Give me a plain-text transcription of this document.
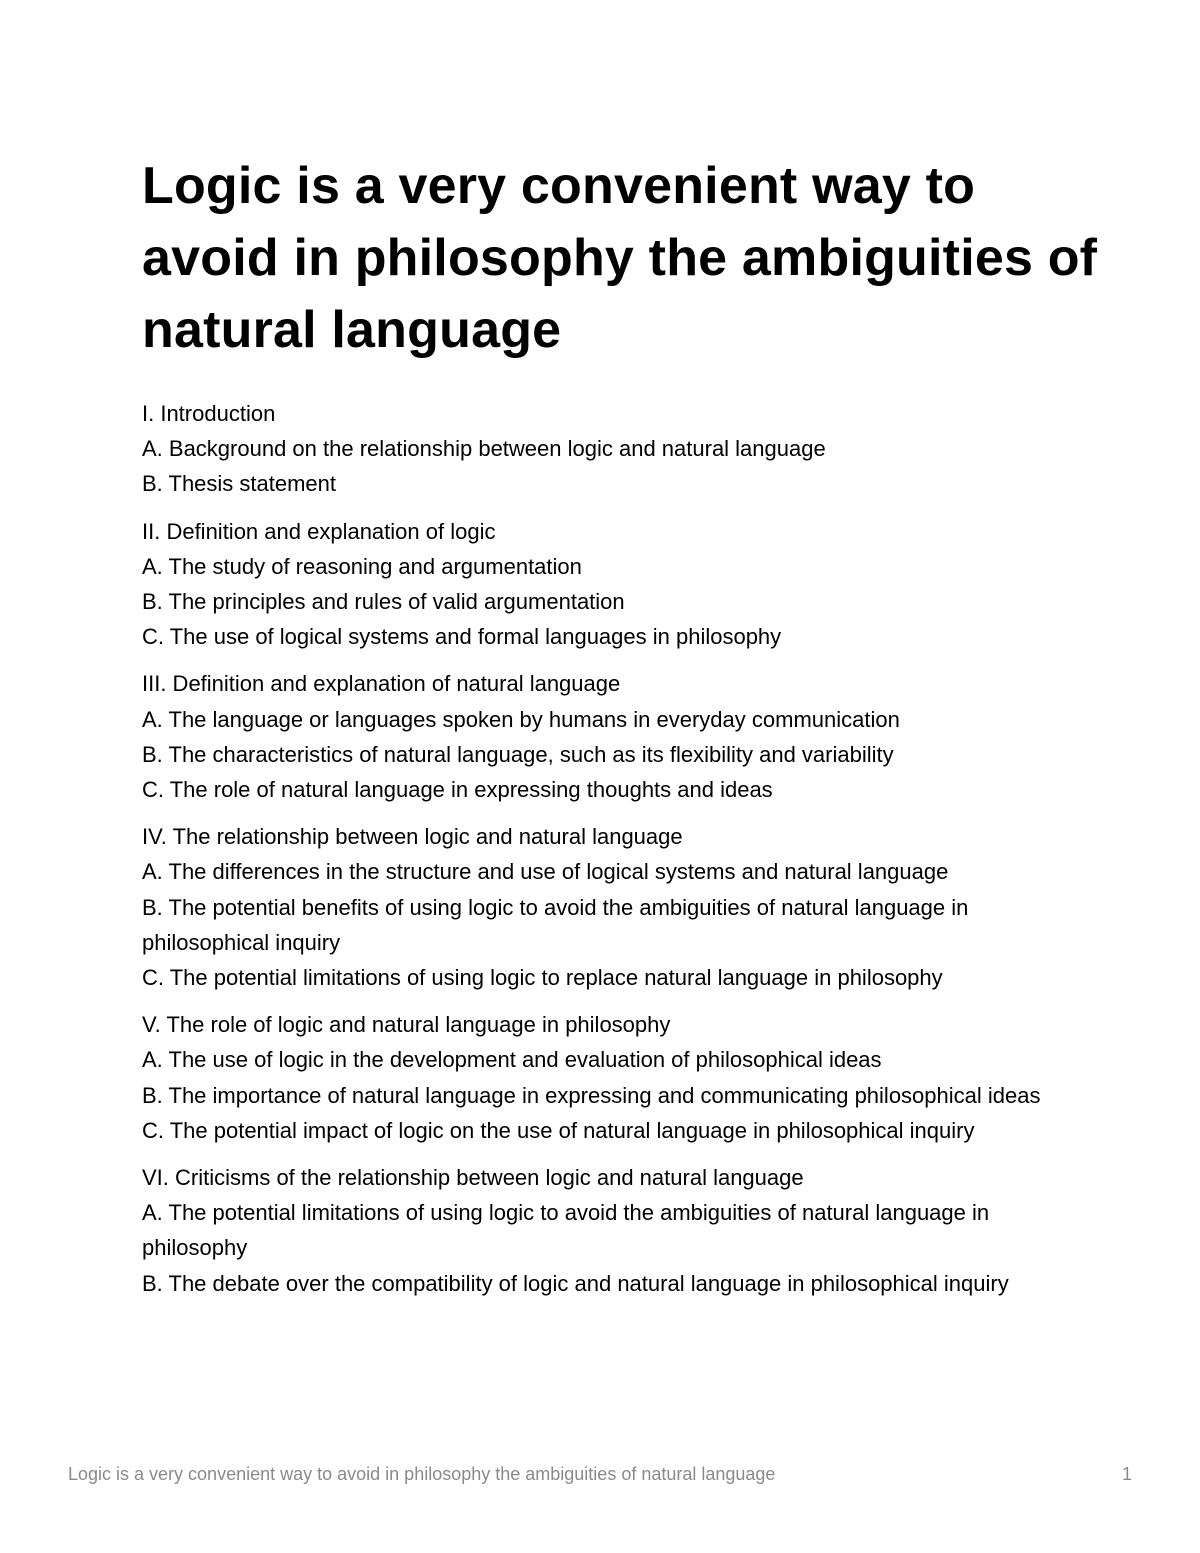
Logic is a very convenient way to avoid in philosophy the ambiguities of natural language

I. Introduction

A. Background on the relationship between logic and natural language

B. Thesis statement

II. Definition and explanation of logic

A. The study of reasoning and argumentation

B. The principles and rules of valid argumentation

C. The use of logical systems and formal languages in philosophy

III. Definition and explanation of natural language

A. The language or languages spoken by humans in everyday communication

B. The characteristics of natural language, such as its flexibility and variability

C. The role of natural language in expressing thoughts and ideas

IV. The relationship between logic and natural language

A. The differences in the structure and use of logical systems and natural language

B. The potential benefits of using logic to avoid the ambiguities of natural language in philosophical inquiry

C. The potential limitations of using logic to replace natural language in philosophy

V. The role of logic and natural language in philosophy

A. The use of logic in the development and evaluation of philosophical ideas

B. The importance of natural language in expressing and communicating philosophical ideas

C. The potential impact of logic on the use of natural language in philosophical inquiry

VI. Criticisms of the relationship between logic and natural language

A. The potential limitations of using logic to avoid the ambiguities of natural language in philosophy

B. The debate over the compatibility of logic and natural language in philosophical inquiry

Logic is a very convenient way to avoid in philosophy the ambiguities of natural language	1
